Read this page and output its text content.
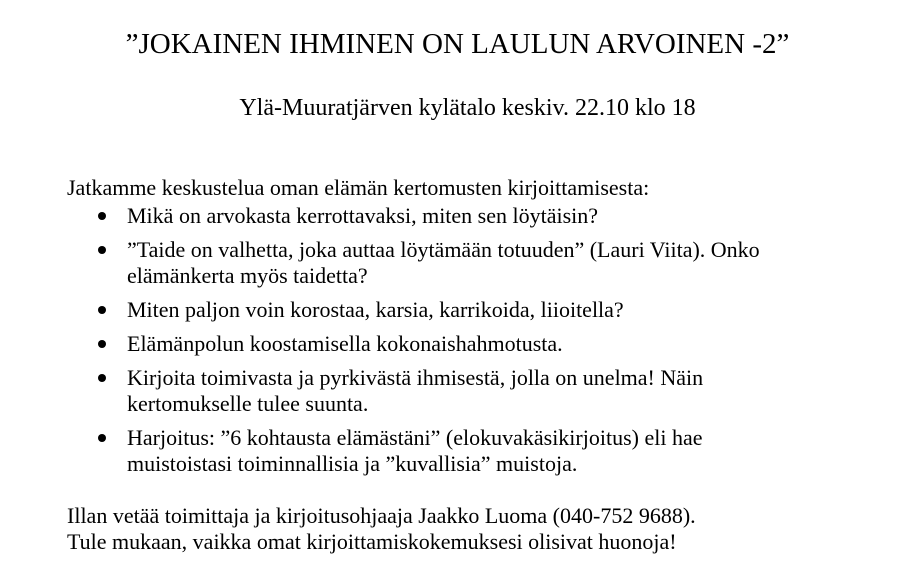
”JOKAINEN IHMINEN ON LAULUN ARVOINEN -2”
Ylä-Muuratjärven kylätalo keskiv. 22.10 klo 18
Jatkamme keskustelua oman elämän kertomusten kirjoittamisesta:
Mikä on arvokasta kerrottavaksi, miten sen löytäisin?
”Taide on valhetta, joka auttaa löytämään totuuden” (Lauri Viita). Onko elämänkerta myös taidetta?
Miten paljon voin korostaa, karsia, karrikoida, liioitella?
Elämänpolun koostamisella kokonaishahmotusta.
Kirjoita toimivasta ja pyrkivästä ihmisestä, jolla on unelma! Näin kertomukselle tulee suunta.
Harjoitus: ”6 kohtausta elämästäni” (elokuvakäsikirjoitus) eli hae muistoistasi toiminnallisia ja ”kuvallisia” muistoja.
Illan vetää toimittaja ja kirjoitusohjaaja Jaakko Luoma (040-752 9688).
Tule mukaan, vaikka omat kirjoittamiskokemuksesi olisivat huonoja!
